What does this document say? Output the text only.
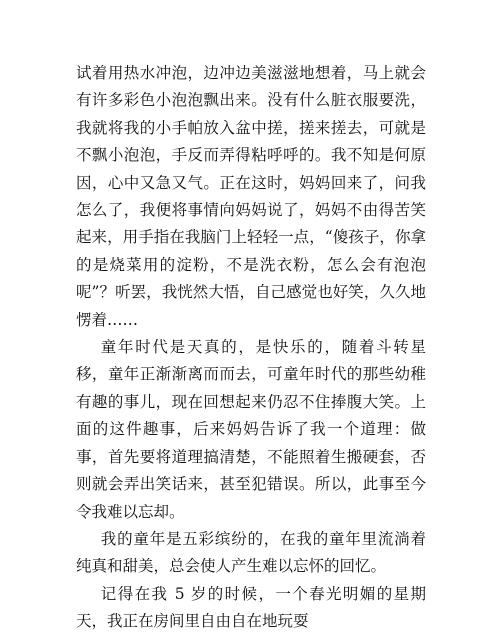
试着用热水冲泡，边冲边美滋滋地想着，马上就会有许多彩色小泡泡飘出来。没有什么脏衣服要洗，我就将我的小手帕放入盆中搓，搓来搓去，可就是不飘小泡泡，手反而弄得粘呼呼的。我不知是何原因，心中又急又气。正在这时，妈妈回来了，问我怎么了，我便将事情向妈妈说了，妈妈不由得苦笑起来，用手指在我脑门上轻轻一点，“傻孩子，你拿的是烧菜用的淀粉，不是洗衣粉，怎么会有泡泡呢”？听罢，我恍然大悟，自己感觉也好笑，久久地愣着……

童年时代是天真的，是快乐的，随着斗转星移，童年正渐渐离而而去，可童年时代的那些幼稚有趣的事儿，现在回想起来仍忍不住捧腹大笑。上面的这件趣事，后来妈妈告诉了我一个道理：做事，首先要将道理搞清楚，不能照着生搬硬套，否则就会弄出笑话来，甚至犯错误。所以，此事至今令我难以忘却。

我的童年是五彩缤纷的，在我的童年里流淌着纯真和甜美，总会使人产生难以忘怀的回忆。

记得在我 5 岁的时候，一个春光明媚的星期天，我正在房间里自由自在地玩耍
